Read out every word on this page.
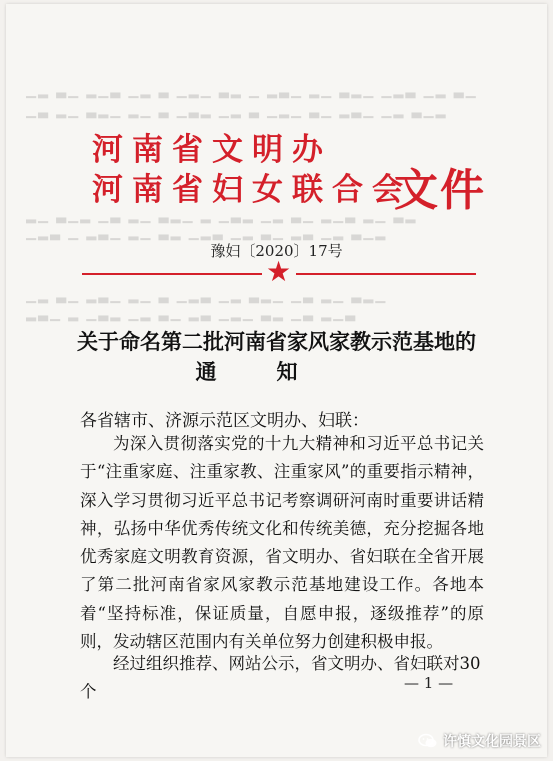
▁▂ ▃▁ ▂▁▃ ▁▂ ▃ ▁▂▁ ▃▂ ▁ ▂▃▁ ▂▁ ▃▂▁ ▁▂▃ ▁▂ ▃▁
▁▃ ▂▁ ▃▂▁ ▂▁ ▃ ▁▃▂ ▁▂ ▃ ▁▂▁ ▃▁ ▂▃▁ ▁▂ ▃▁▂
河南省文明办
河南省妇女联合会
文件
▂▁ ▃▁▂ ▁▃ ▂▁ ▃▂▁ ▂ ▁▃▂ ▁▂ ▃▁ ▂▁▃ ▂▁ ▃▂
▁▂▃ ▁ ▂▃▁ ▂▁ ▃▂ ▁▂▃ ▁▂ ▃▁ ▂▃ ▁▂ ▃▁▂
豫妇〔2020〕17号
★
▁▂ ▃▁ ▂▃▁ ▂▁ ▃ ▁▂▃ ▁▂ ▃▂▁ ▁▃ ▂▁ ▃▂▁
▂▃▁ ▂ ▁▃▂ ▁▂ ▃▁ ▂▃ ▁▂▁ ▃▂ ▁▃ ▂▁▃
关于命名第二批河南省家风家教示范基地的
通知
各省辖市、济源示范区文明办、妇联：
为深入贯彻落实党的十九大精神和习近平总书记关于“注重家庭、注重家教、注重家风”的重要指示精神，深入学习贯彻习近平总书记考察调研河南时重要讲话精神，弘扬中华优秀传统文化和传统美德，充分挖掘各地优秀家庭文明教育资源，省文明办、省妇联在全省开展了第二批河南省家风家教示范基地建设工作。各地本着“坚持标准，保证质量，自愿申报，逐级推荐”的原则，发动辖区范围内有关单位努力创建积极申报。
经过组织推荐、网站公示，省文明办、省妇联对30个	— 1 —
许慎文化园景区
